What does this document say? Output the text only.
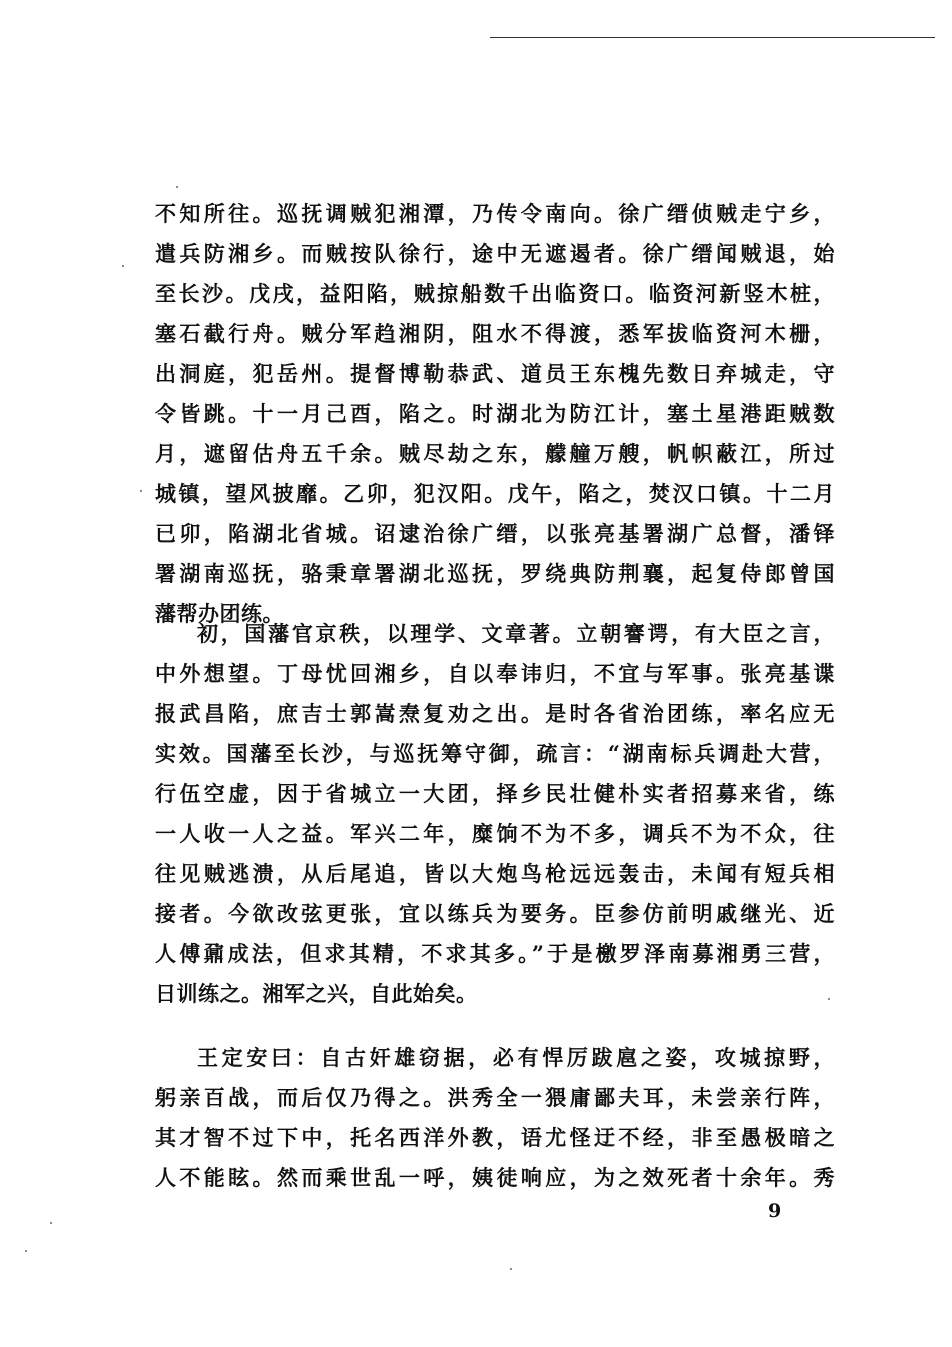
不知所往。巡抚调贼犯湘潭，乃传令南向。徐广缙侦贼走宁乡，
遣兵防湘乡。而贼按队徐行，途中无遮遏者。徐广缙闻贼退，始
至长沙。戊戌，益阳陷，贼掠船数千出临资口。临资河新竖木桩，
塞石截行舟。贼分军趋湘阴，阻水不得渡，悉军拔临资河木栅，
出洞庭，犯岳州。提督博勒恭武、道员王东槐先数日弃城走，守
令皆跳。十一月己酉，陷之。时湖北为防江计，塞土星港距贼数
月，遮留估舟五千余。贼尽劫之东，艨艟万艘，帆帜蔽江，所过
城镇，望风披靡。乙卯，犯汉阳。戊午，陷之，焚汉口镇。十二月
已卯，陷湖北省城。诏逮治徐广缙，以张亮基署湖广总督，潘铎
署湖南巡抚，骆秉章署湖北巡抚，罗绕典防荆襄，起复侍郎曾国
藩帮办团练。
初，国藩官京秩，以理学、文章著。立朝謇谔，有大臣之言，
中外想望。丁母忧回湘乡，自以奉讳归，不宜与军事。张亮基谍
报武昌陷，庶吉士郭嵩焘复劝之出。是时各省治团练，率名应无
实效。国藩至长沙，与巡抚筹守御，疏言：“湖南标兵调赴大营，
行伍空虚，因于省城立一大团，择乡民壮健朴实者招募来省，练
一人收一人之益。军兴二年，糜饷不为不多，调兵不为不众，往
往见贼逃溃，从后尾追，皆以大炮鸟枪远远轰击，未闻有短兵相
接者。今欲改弦更张，宜以练兵为要务。臣参仿前明戚继光、近
人傅鼐成法，但求其精，不求其多。”于是檄罗泽南募湘勇三营，
日训练之。湘军之兴，自此始矣。
王定安曰：自古奸雄窃据，必有悍厉跋扈之姿，攻城掠野，
躬亲百战，而后仅乃得之。洪秀全一猥庸鄙夫耳，未尝亲行阵，
其才智不过下中，托名西洋外教，语尤怪迂不经，非至愚极暗之
人不能眩。然而乘世乱一呼，姨徒响应，为之效死者十余年。秀
9
